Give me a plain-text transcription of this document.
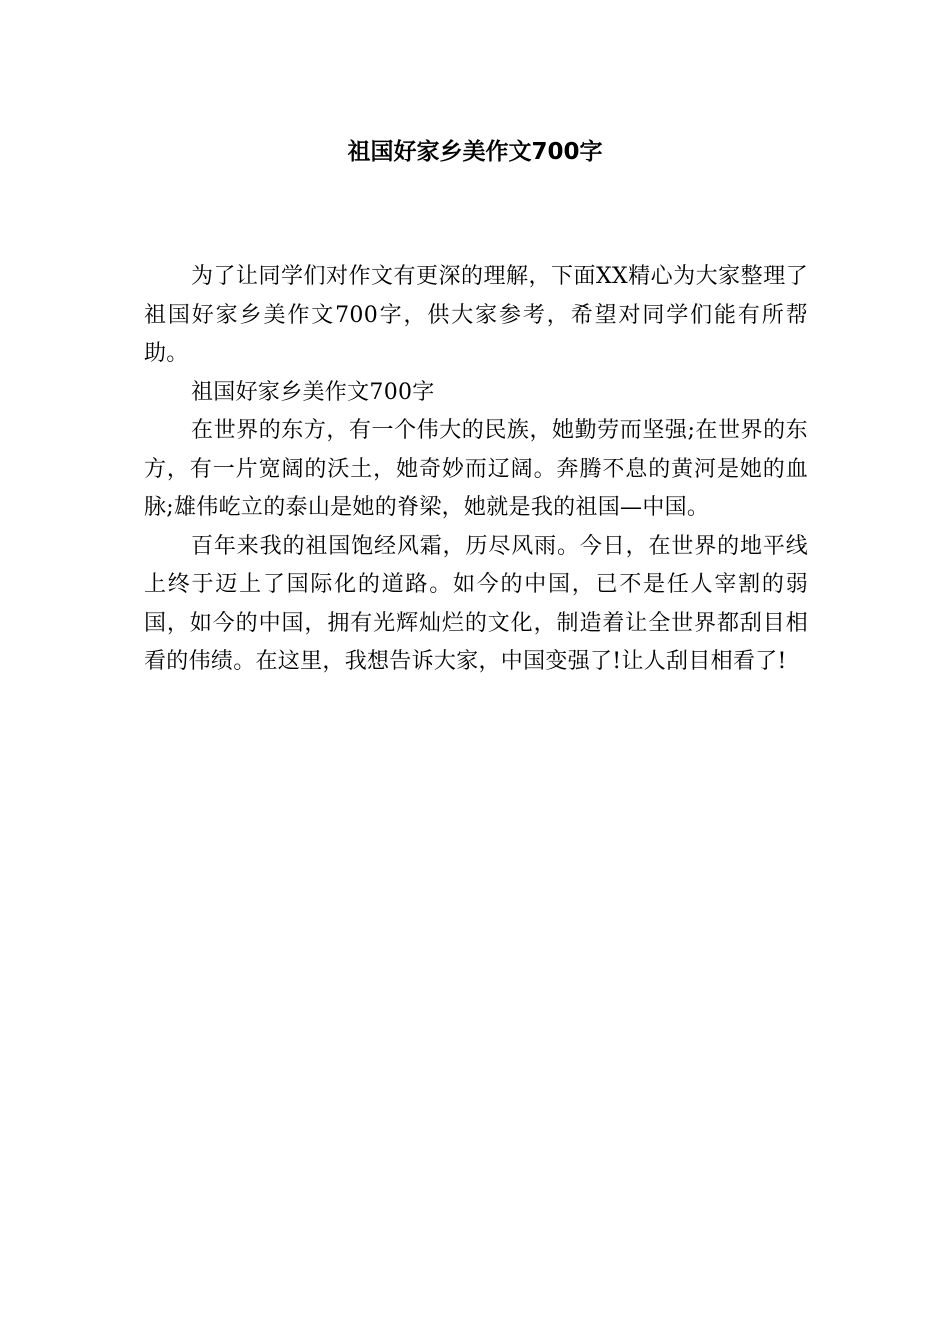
祖国好家乡美作文700字

为了让同学们对作文有更深的理解，下面XX精心为大家整理了祖国好家乡美作文700字，供大家参考，希望对同学们能有所帮助。

祖国好家乡美作文700字

在世界的东方，有一个伟大的民族，她勤劳而坚强;在世界的东方，有一片宽阔的沃土，她奇妙而辽阔。奔腾不息的黄河是她的血脉;雄伟屹立的泰山是她的脊梁，她就是我的祖国—中国。

百年来我的祖国饱经风霜，历尽风雨。今日，在世界的地平线上终于迈上了国际化的道路。如今的中国，已不是任人宰割的弱国，如今的中国，拥有光辉灿烂的文化，制造着让全世界都刮目相看的伟绩。在这里，我想告诉大家，中国变强了!让人刮目相看了!
